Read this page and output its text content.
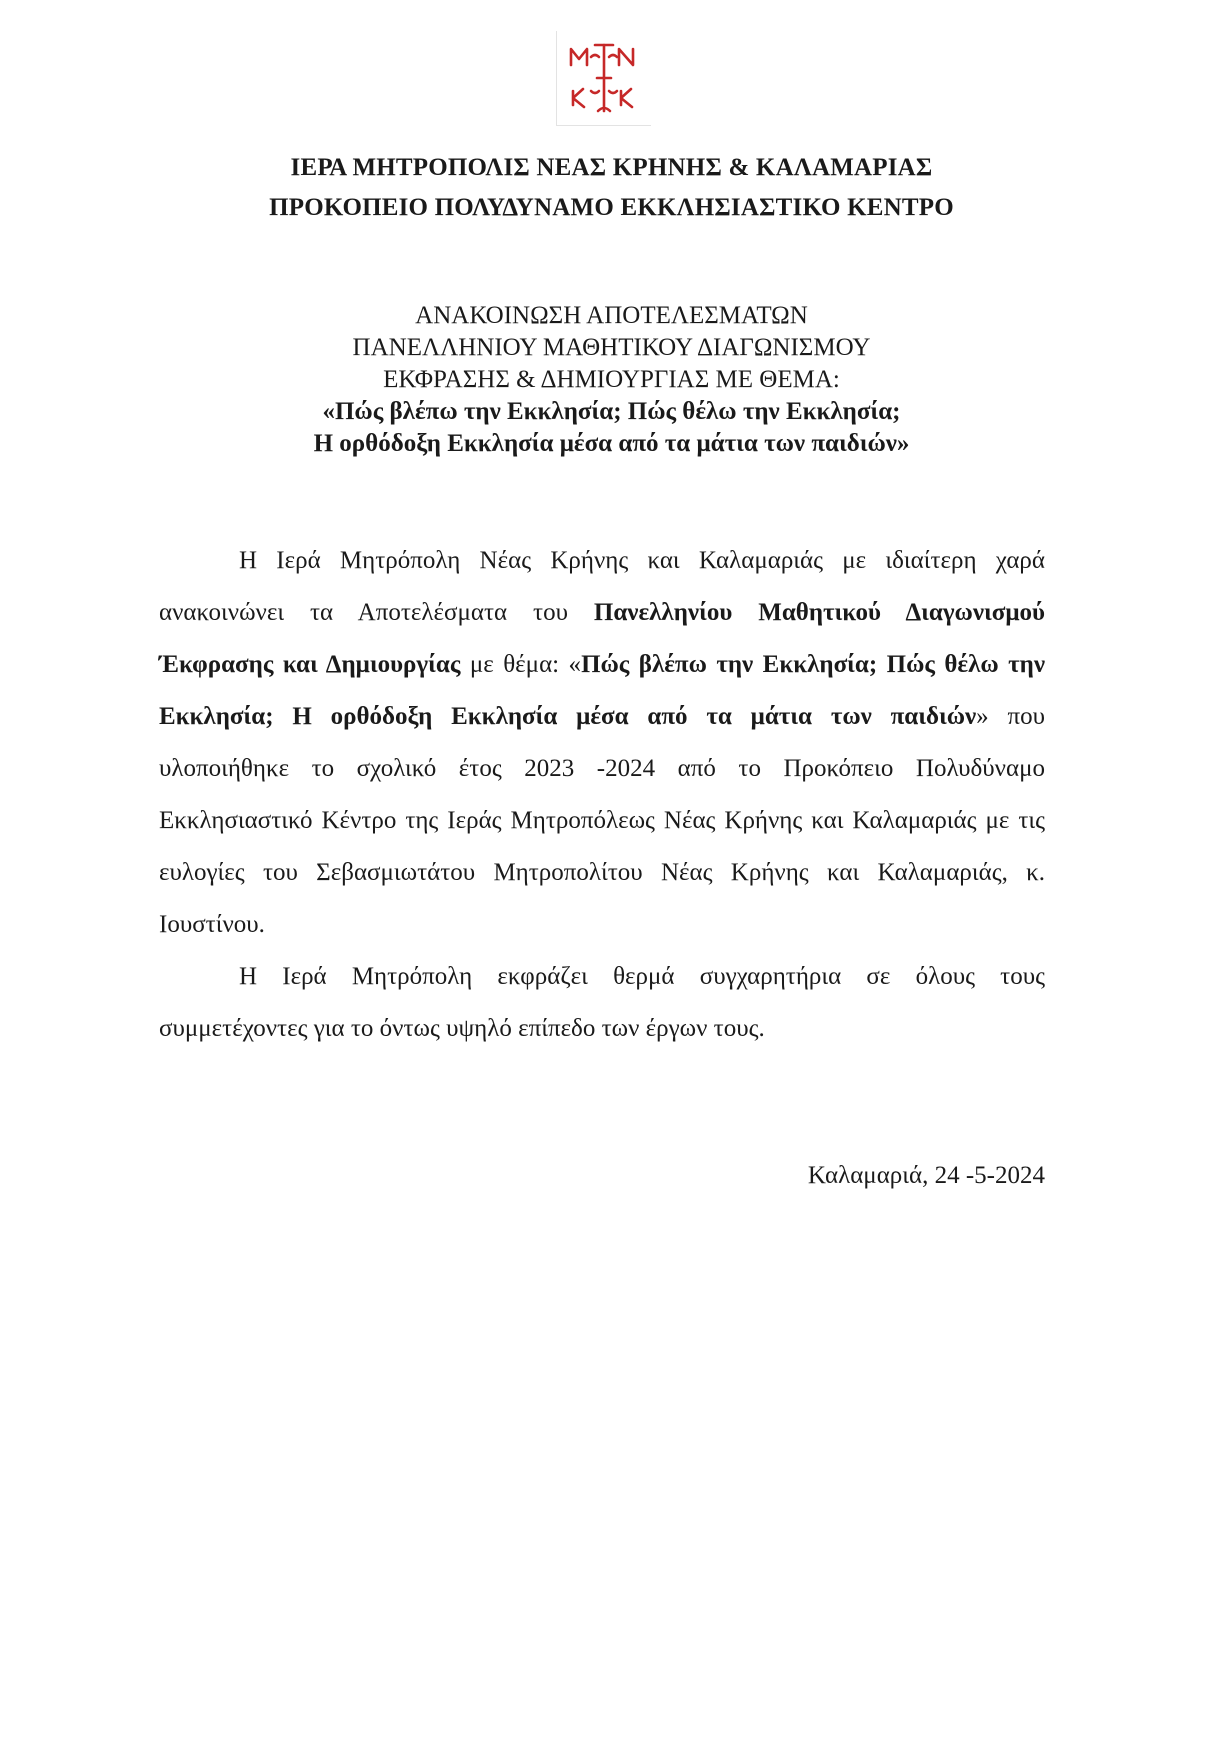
ΙΕΡΑ ΜΗΤΡΟΠΟΛΙΣ ΝΕΑΣ ΚΡΗΝΗΣ & ΚΑΛΑΜΑΡΙΑΣ
ΠΡΟΚΟΠΕΙΟ ΠΟΛΥΔΥΝΑΜΟ ΕΚΚΛΗΣΙΑΣΤΙΚΟ ΚΕΝΤΡΟ
ΑΝΑΚΟΙΝΩΣΗ ΑΠΟΤΕΛΕΣΜΑΤΩΝ
ΠΑΝΕΛΛΗΝΙΟΥ ΜΑΘΗΤΙΚΟΥ ΔΙΑΓΩΝΙΣΜΟΥ
ΕΚΦΡΑΣΗΣ & ΔΗΜΙΟΥΡΓΙΑΣ ΜΕ ΘΕΜΑ:
«Πώς βλέπω την Εκκλησία; Πώς θέλω την Εκκλησία;
Η ορθόδοξη Εκκλησία μέσα από τα μάτια των παιδιών»

Η Ιερά Μητρόπολη Νέας Κρήνης και Καλαμαριάς με ιδιαίτερη χαρά ανακοινώνει τα Αποτελέσματα του Πανελληνίου Μαθητικού Διαγωνισμού Έκφρασης και Δημιουργίας με θέμα: «Πώς βλέπω την Εκκλησία; Πώς θέλω την Εκκλησία; Η ορθόδοξη Εκκλησία μέσα από τα μάτια των παιδιών» που υλοποιήθηκε το σχολικό έτος 2023 -2024 από το Προκόπειο Πολυδύναμο Εκκλησιαστικό Κέντρο της Ιεράς Μητροπόλεως Νέας Κρήνης και Καλαμαριάς με τις ευλογίες του Σεβασμιωτάτου Μητροπολίτου Νέας Κρήνης και Καλαμαριάς, κ. Ιουστίνου.

Η Ιερά Μητρόπολη εκφράζει θερμά συγχαρητήρια σε όλους τους συμμετέχοντες για το όντως υψηλό επίπεδο των έργων τους.

Καλαμαριά, 24 -5-2024
